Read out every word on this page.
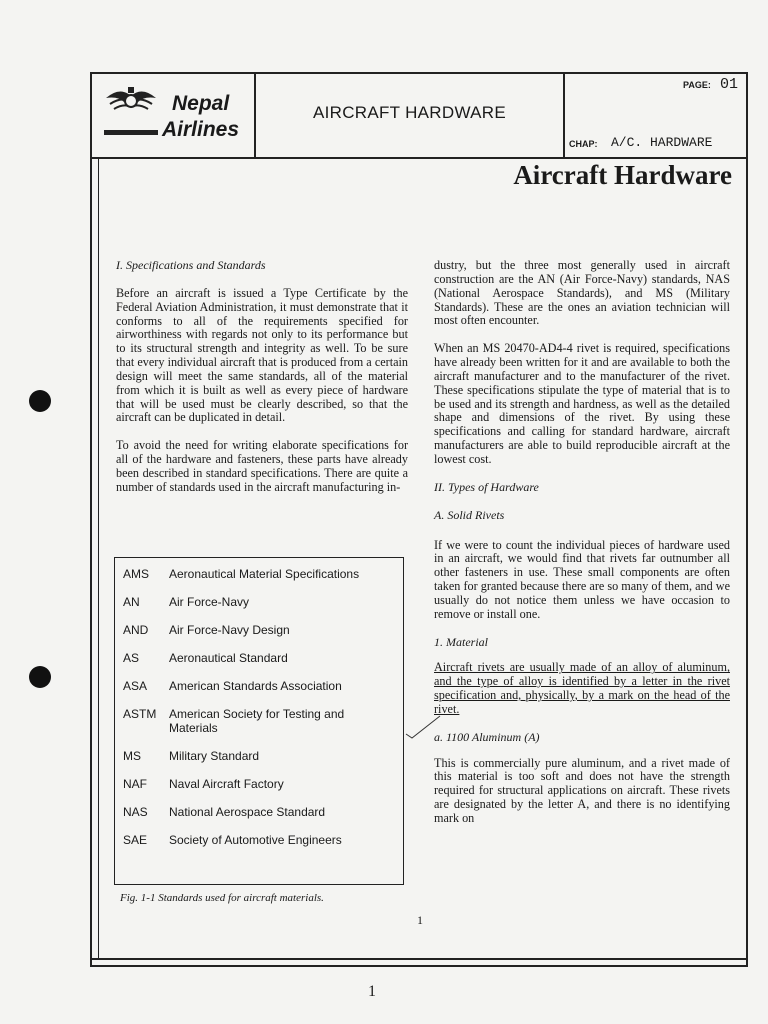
Nepal
Airlines
AIRCRAFT HARDWARE
PAGE: 01
CHAP: A/C. HARDWARE
Aircraft Hardware
I. Specifications and Standards

Before an aircraft is issued a Type Certificate by the Federal Aviation Administration, it must demonstrate that it conforms to all of the requirements specified for airworthiness with regards not only to its performance but to its structural strength and integrity as well. To be sure that every individual aircraft that is produced from a certain design will meet the same standards, all of the material from which it is built as well as every piece of hardware that will be used must be clearly described, so that the aircraft can be duplicated in detail.

To avoid the need for writing elaborate specifications for all of the hardware and fasteners, these parts have already been described in standard specifications. There are quite a number of standards used in the aircraft manufacturing in-

AMS	Aeronautical Material Specifications
AN	Air Force-Navy
AND	Air Force-Navy Design
AS	Aeronautical Standard
ASA	American Standards Association
ASTM	American Society for Testing and Materials
MS	Military Standard
NAF	Naval Aircraft Factory
NAS	National Aerospace Standard
SAE	Society of Automotive Engineers
Fig. 1-1 Standards used for aircraft materials.

dustry, but the three most generally used in aircraft construction are the AN (Air Force-Navy) standards, NAS (National Aerospace Standards), and MS (Military Standards). These are the ones an aviation technician will most often encounter.

When an MS 20470-AD4-4 rivet is required, specifications have already been written for it and are available to both the aircraft manufacturer and to the manufacturer of the rivet. These specifications stipulate the type of material that is to be used and its strength and hardness, as well as the detailed shape and dimensions of the rivet. By using these specifications and calling for standard hardware, aircraft manufacturers are able to build reproducible aircraft at the lowest cost.

II. Types of Hardware
A. Solid Rivets

If we were to count the individual pieces of hardware used in an aircraft, we would find that rivets far outnumber all other fasteners in use. These small components are often taken for granted because there are so many of them, and we usually do not notice them unless we have occasion to remove or install one.

1. Material

Aircraft rivets are usually made of an alloy of aluminum, and the type of alloy is identified by a letter in the rivet specification and, physically, by a mark on the head of the rivet.

a. 1100 Aluminum (A)

This is commercially pure aluminum, and a rivet made of this material is too soft and does not have the strength required for structural applications on aircraft. These rivets are designated by the letter A, and there is no identifying mark on

1
1
